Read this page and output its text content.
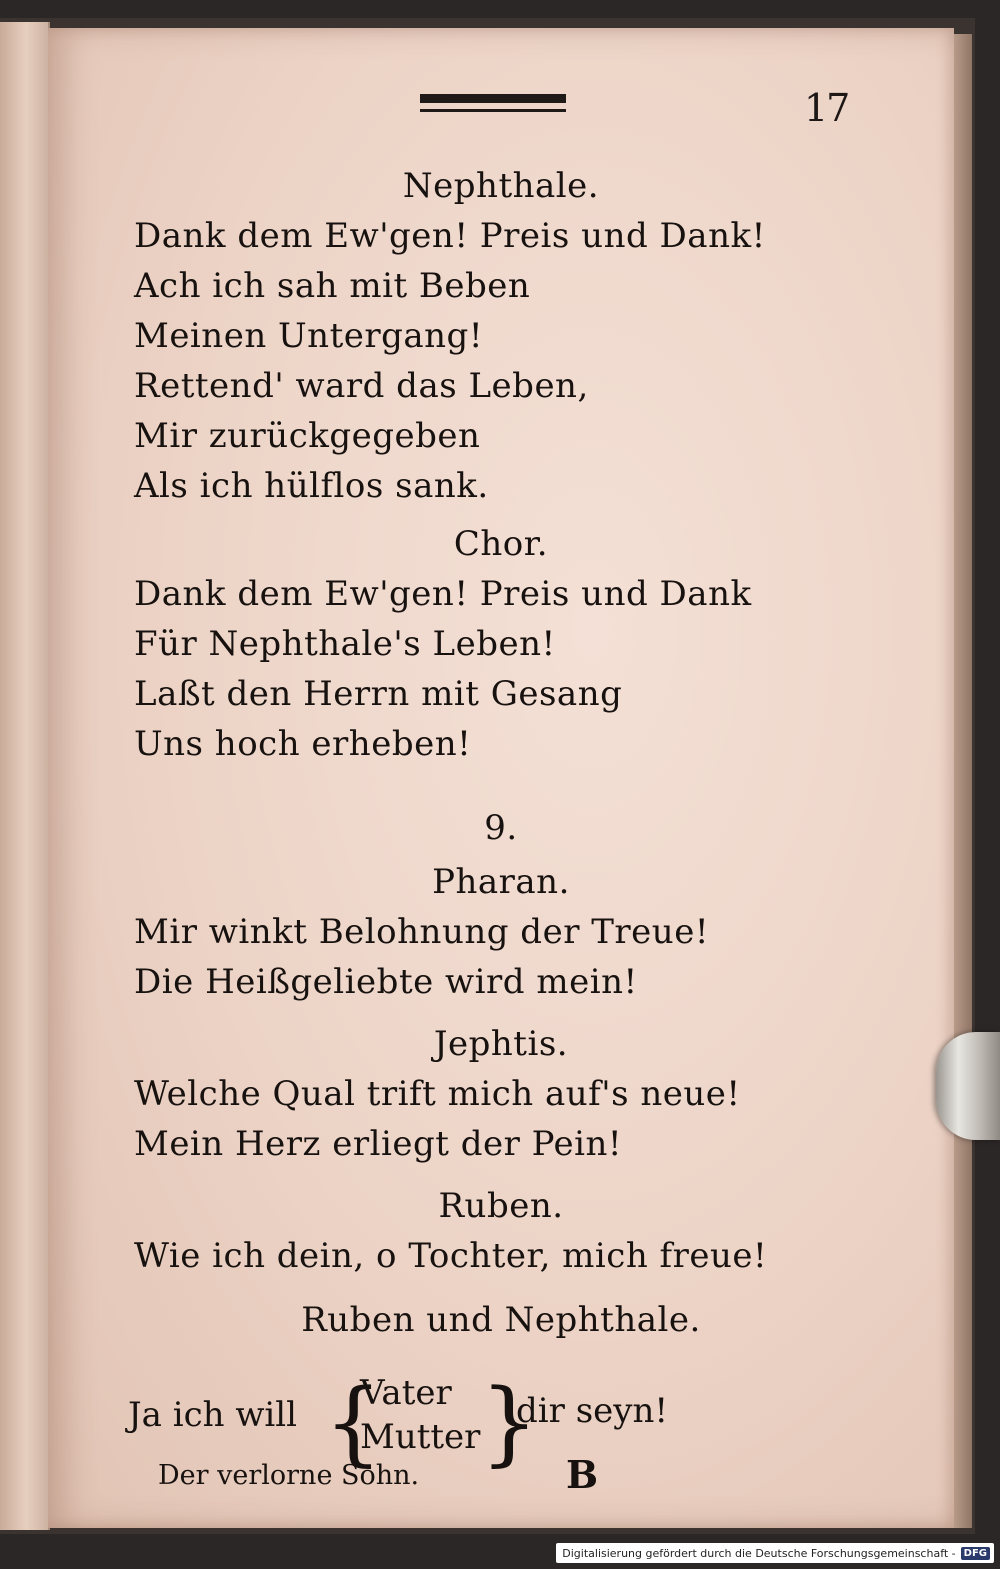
17
Nephthale.
Dank dem Ew'gen! Preis und Dank!
Ach ich sah mit Beben
Meinen Untergang!
Rettend' ward das Leben,
Mir zurückgegeben
Als ich hülflos sank.
Chor.
Dank dem Ew'gen! Preis und Dank
Für Nephthale's Leben!
Laßt den Herrn mit Gesang
Uns hoch erheben!
9.
Pharan.
Mir winkt Belohnung der Treue!
Die Heißgeliebte wird mein!
Jephtis.
Welche Qual trift mich auf's neue!
Mein Herz erliegt der Pein!
Ruben.
Wie ich dein, o Tochter, mich freue!
Ruben und Nephthale.
Ja ich will {
Vater
Mutter }
dir seyn!
Der verlorne Sohn.	B
Digitalisierung gefördert durch die Deutsche Forschungsgemeinschaft - DFG
